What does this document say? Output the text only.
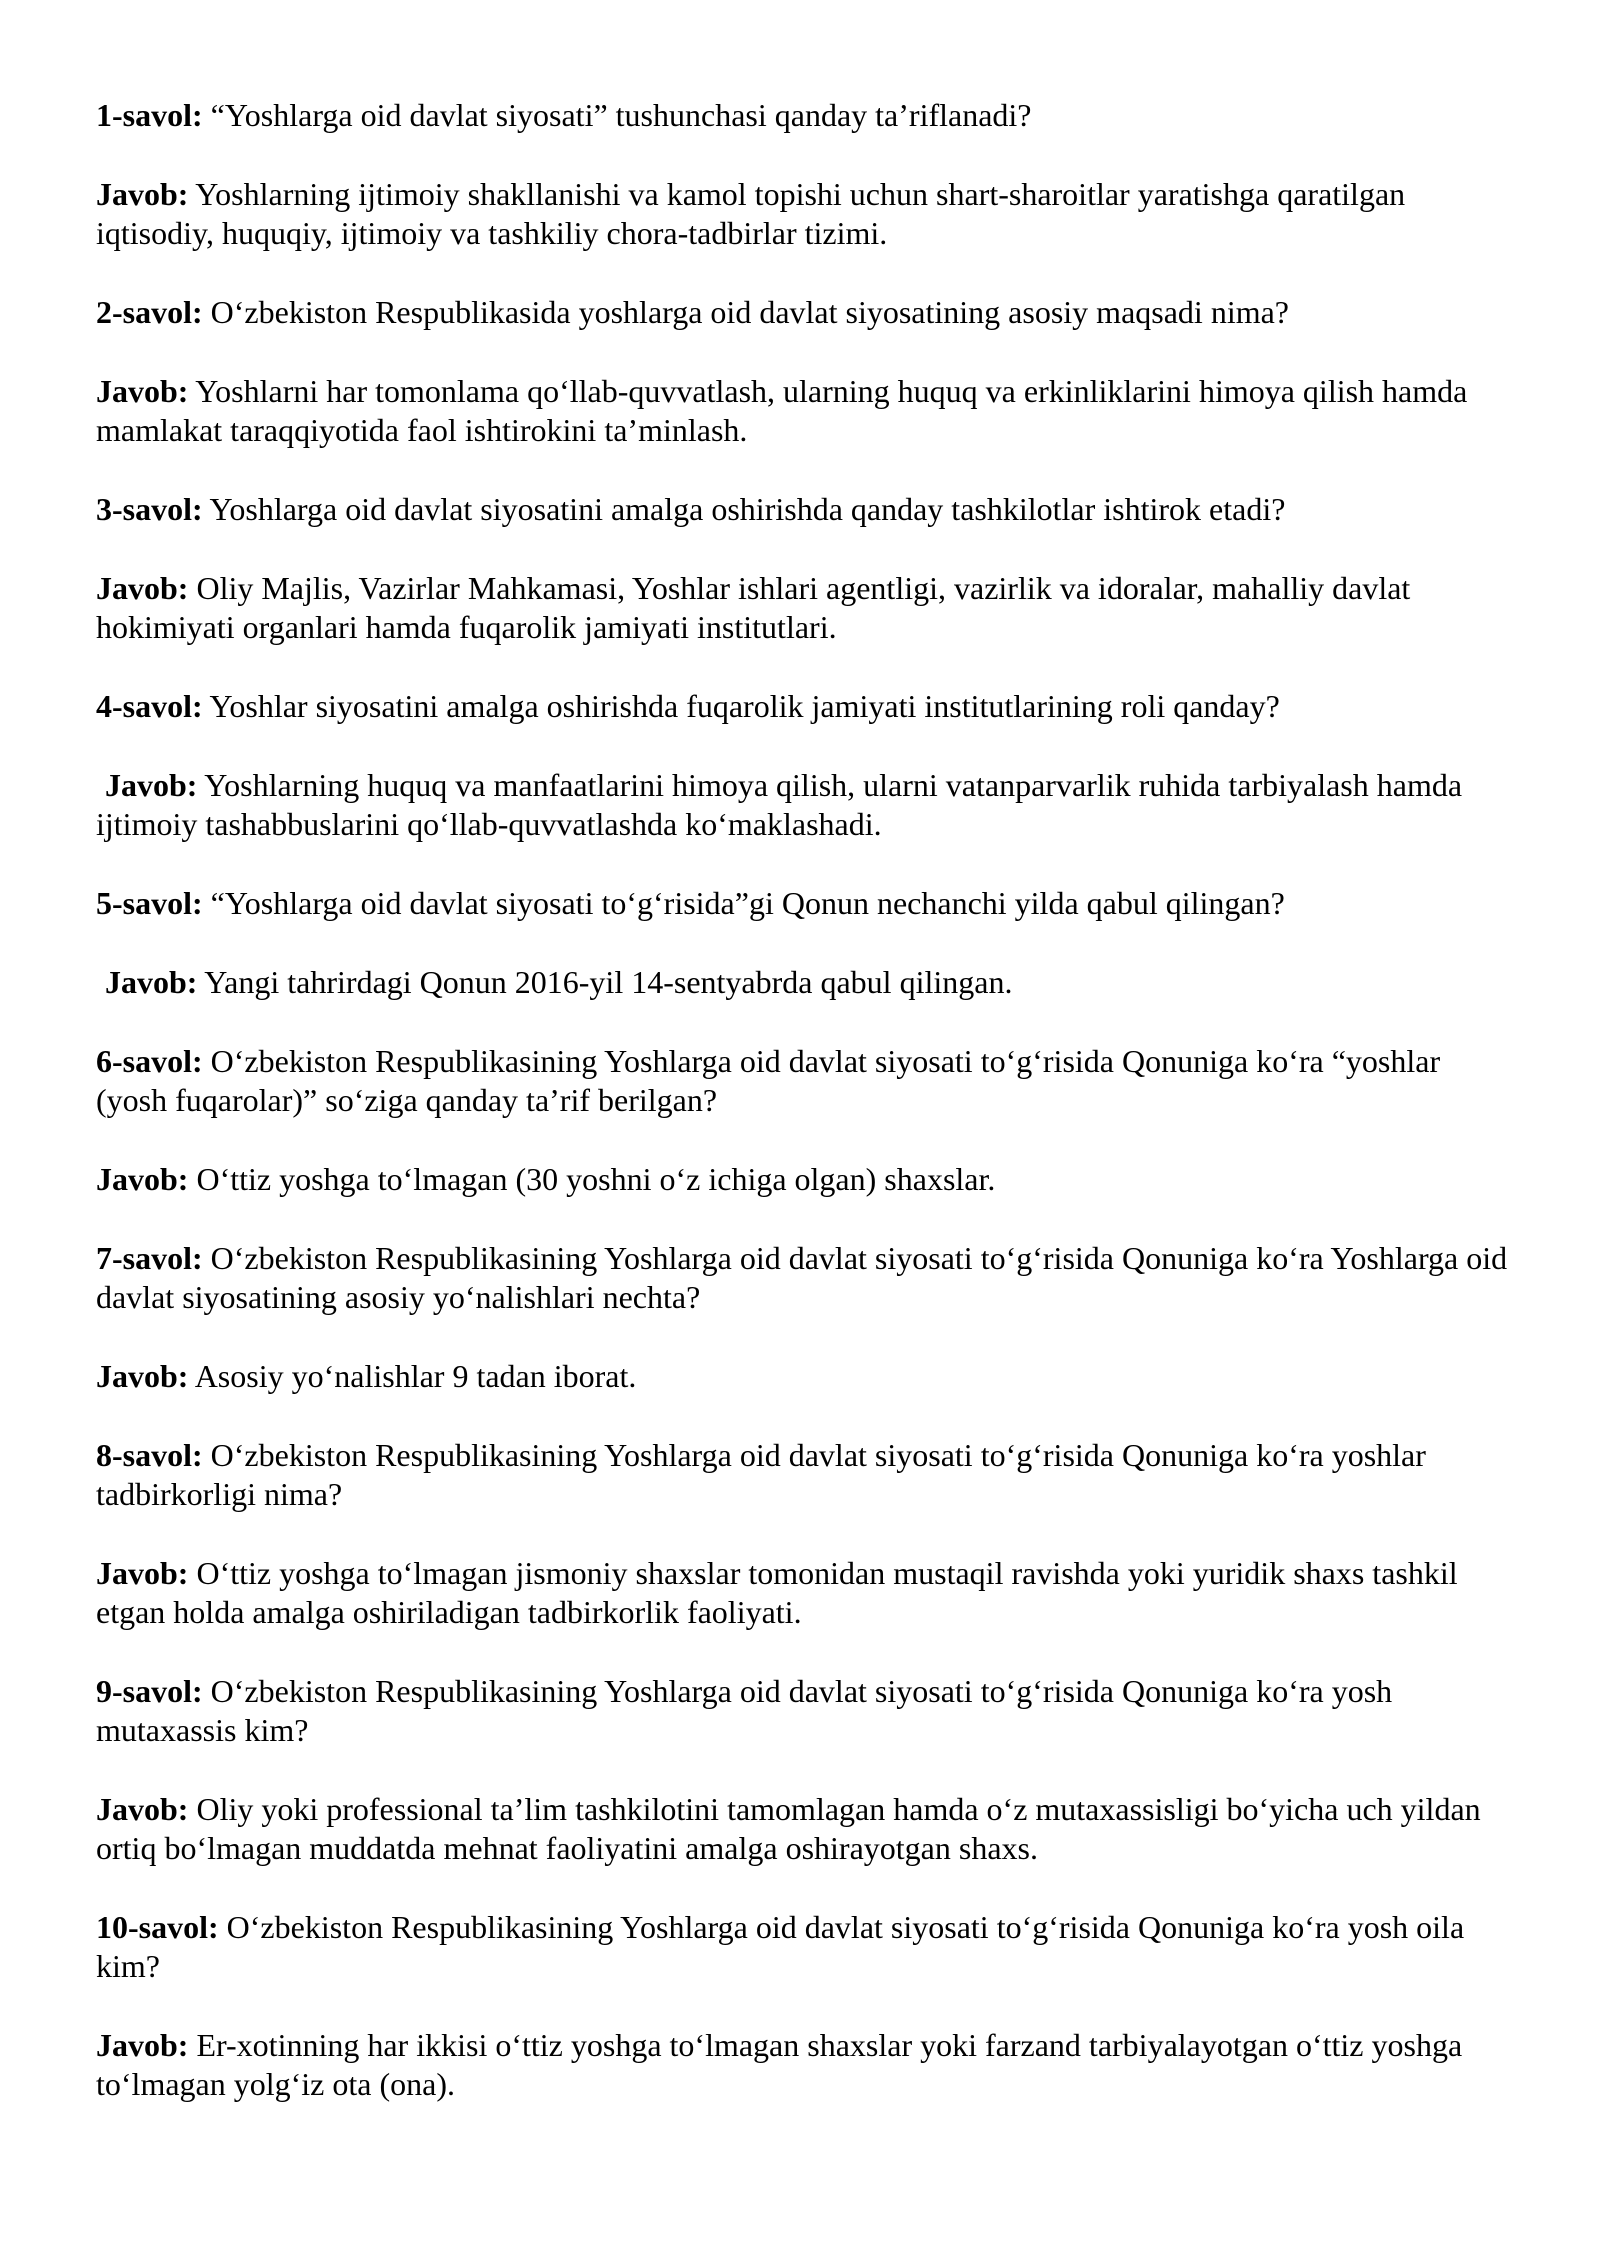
1-savol: “Yoshlarga oid davlat siyosati” tushunchasi qanday ta’riflanadi?

Javob: Yoshlarning ijtimoiy shakllanishi va kamol topishi uchun shart-sharoitlar yaratishga qaratilgan iqtisodiy, huquqiy, ijtimoiy va tashkiliy chora-tadbirlar tizimi.

2-savol: O‘zbekiston Respublikasida yoshlarga oid davlat siyosatining asosiy maqsadi nima?

Javob: Yoshlarni har tomonlama qo‘llab-quvvatlash, ularning huquq va erkinliklarini himoya qilish hamda mamlakat taraqqiyotida faol ishtirokini ta’minlash.

3-savol: Yoshlarga oid davlat siyosatini amalga oshirishda qanday tashkilotlar ishtirok etadi?

Javob: Oliy Majlis, Vazirlar Mahkamasi, Yoshlar ishlari agentligi, vazirlik va idoralar, mahalliy davlat hokimiyati organlari hamda fuqarolik jamiyati institutlari.

4-savol: Yoshlar siyosatini amalga oshirishda fuqarolik jamiyati institutlarining roli qanday?

Javob: Yoshlarning huquq va manfaatlarini himoya qilish, ularni vatanparvarlik ruhida tarbiyalash hamda ijtimoiy tashabbuslarini qo‘llab-quvvatlashda ko‘maklashadi.

5-savol: “Yoshlarga oid davlat siyosati to‘g‘risida”gi Qonun nechanchi yilda qabul qilingan?

Javob: Yangi tahrirdagi Qonun 2016-yil 14-sentyabrda qabul qilingan.

6-savol: O‘zbekiston Respublikasining Yoshlarga oid davlat siyosati to‘g‘risida Qonuniga ko‘ra “yoshlar (yosh fuqarolar)” so‘ziga qanday ta’rif berilgan?

Javob: O‘ttiz yoshga to‘lmagan (30 yoshni o‘z ichiga olgan) shaxslar.

7-savol: O‘zbekiston Respublikasining Yoshlarga oid davlat siyosati to‘g‘risida Qonuniga ko‘ra Yoshlarga oid davlat siyosatining asosiy yo‘nalishlari nechta?

Javob: Asosiy yo‘nalishlar 9 tadan iborat.

8-savol: O‘zbekiston Respublikasining Yoshlarga oid davlat siyosati to‘g‘risida Qonuniga ko‘ra yoshlar tadbirkorligi nima?

Javob: O‘ttiz yoshga to‘lmagan jismoniy shaxslar tomonidan mustaqil ravishda yoki yuridik shaxs tashkil etgan holda amalga oshiriladigan tadbirkorlik faoliyati.

9-savol: O‘zbekiston Respublikasining Yoshlarga oid davlat siyosati to‘g‘risida Qonuniga ko‘ra yosh mutaxassis kim?

Javob: Oliy yoki professional ta’lim tashkilotini tamomlagan hamda o‘z mutaxassisligi bo‘yicha uch yildan ortiq bo‘lmagan muddatda mehnat faoliyatini amalga oshirayotgan shaxs.

10-savol: O‘zbekiston Respublikasining Yoshlarga oid davlat siyosati to‘g‘risida Qonuniga ko‘ra yosh oila kim?

Javob: Er-xotinning har ikkisi o‘ttiz yoshga to‘lmagan shaxslar yoki farzand tarbiyalayotgan o‘ttiz yoshga to‘lmagan yolg‘iz ota (ona).
